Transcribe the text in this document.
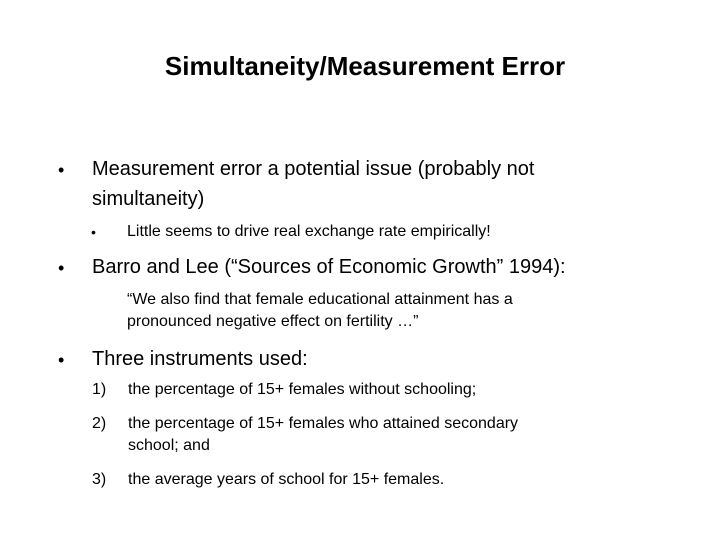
Simultaneity/Measurement Error
• Measurement error a potential issue (probably not
simultaneity)
• Little seems to drive real exchange rate empirically!
• Barro and Lee (“Sources of Economic Growth” 1994):
“We also find that female educational attainment has a
pronounced negative effect on fertility …”
• Three instruments used:
1) the percentage of 15+ females without schooling;
2) the percentage of 15+ females who attained secondary
school; and
3) the average years of school for 15+ females.
